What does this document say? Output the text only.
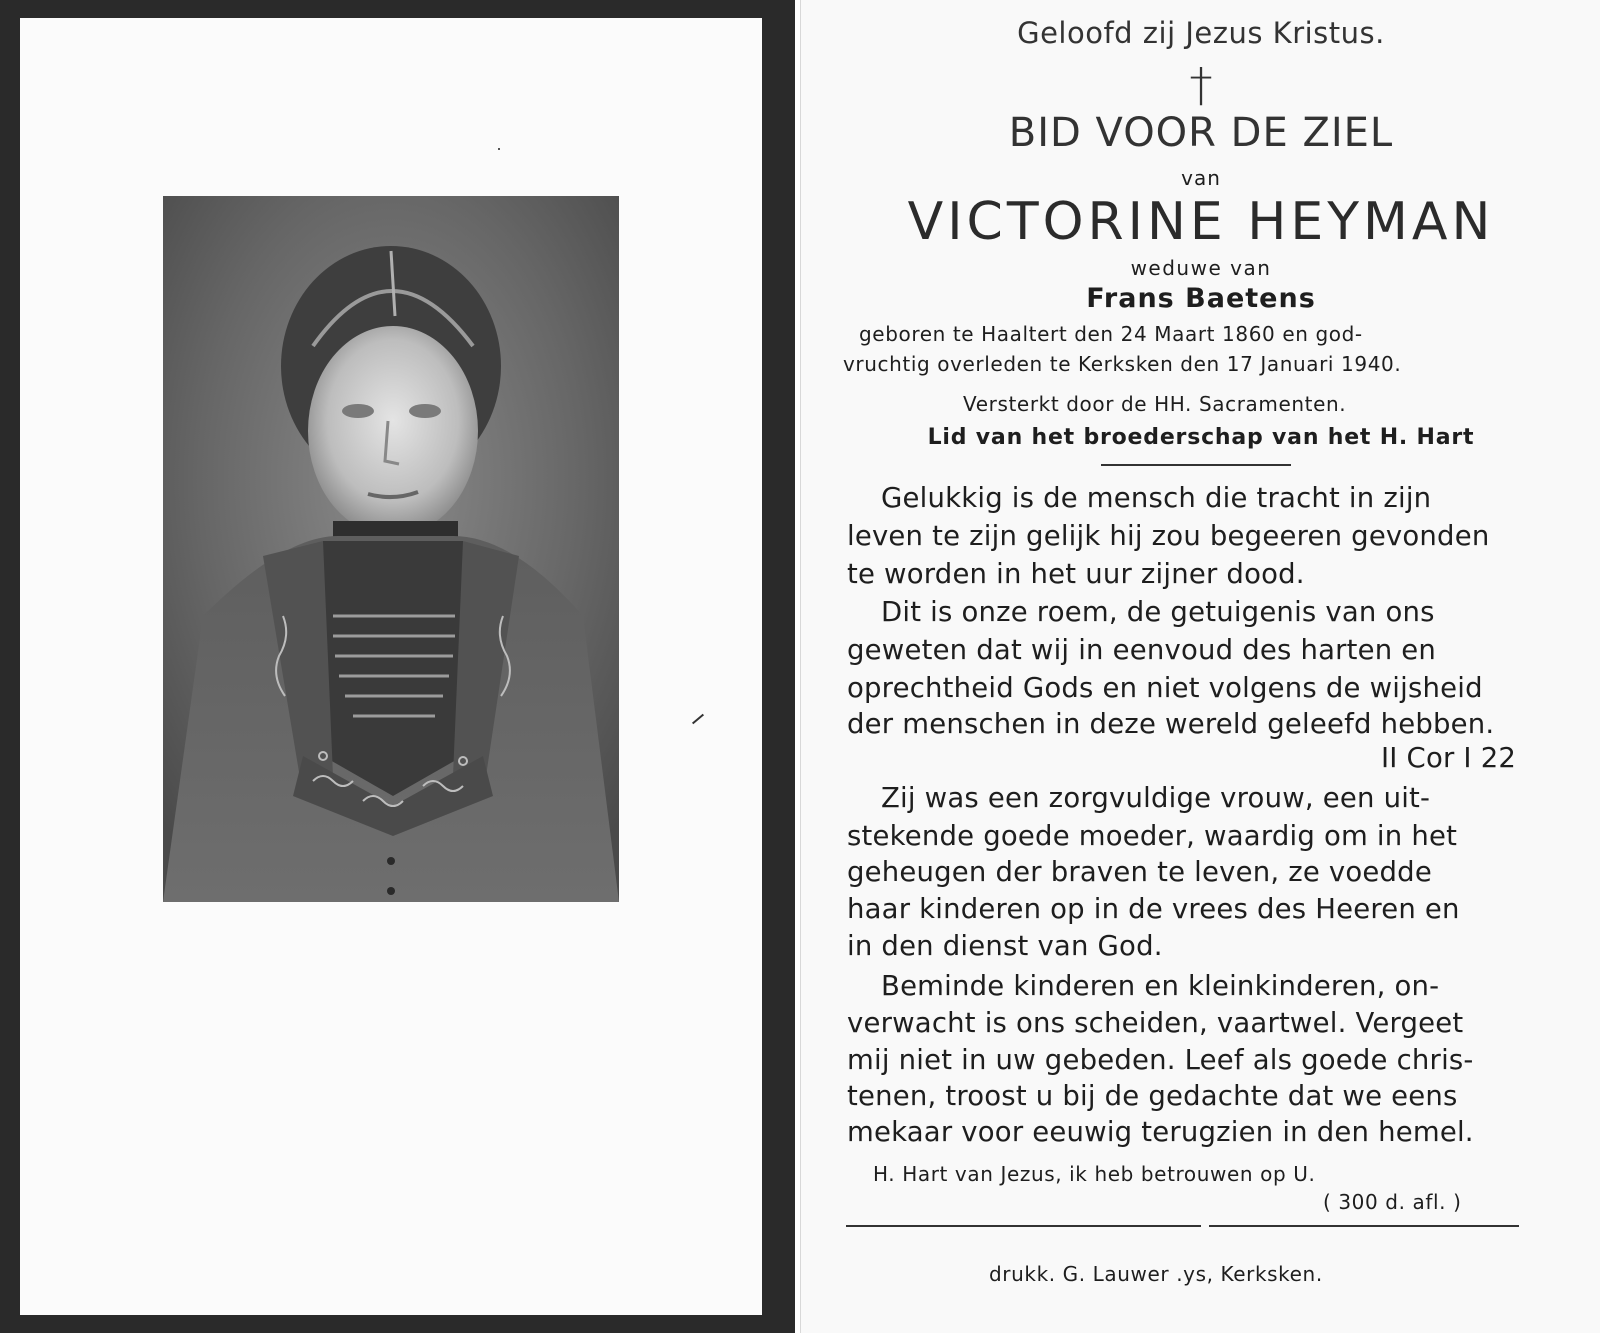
Geloofd zij Jezus Kristus.
†
BID VOOR DE ZIEL
van
VICTORINE HEYMAN
weduwe van
Frans Baetens
geboren te Haaltert den 24 Maart 1860 en god-
vruchtig overleden te Kerksken den 17 Januari 1940.
Versterkt door de HH. Sacramenten.
Lid van het broederschap van het H. Hart
Gelukkig is de mensch die tracht in zijn
leven te zijn gelijk hij zou begeeren gevonden
te worden in het uur zijner dood.
Dit is onze roem, de getuigenis van ons
geweten dat wij in eenvoud des harten en
oprechtheid Gods en niet volgens de wijsheid
der menschen in deze wereld geleefd hebben.
II Cor I 22
Zij was een zorgvuldige vrouw, een uit-
stekende goede moeder, waardig om in het
geheugen der braven te leven, ze voedde
haar kinderen op in de vrees des Heeren en
in den dienst van God.
Beminde kinderen en kleinkinderen, on-
verwacht is ons scheiden, vaartwel. Vergeet
mij niet in uw gebeden. Leef als goede chris-
tenen, troost u bij de gedachte dat we eens
mekaar voor eeuwig terugzien in den hemel.
H. Hart van Jezus, ik heb betrouwen op U.
( 300 d. afl. )
drukk. G. Lauwer .ys, Kerksken.
